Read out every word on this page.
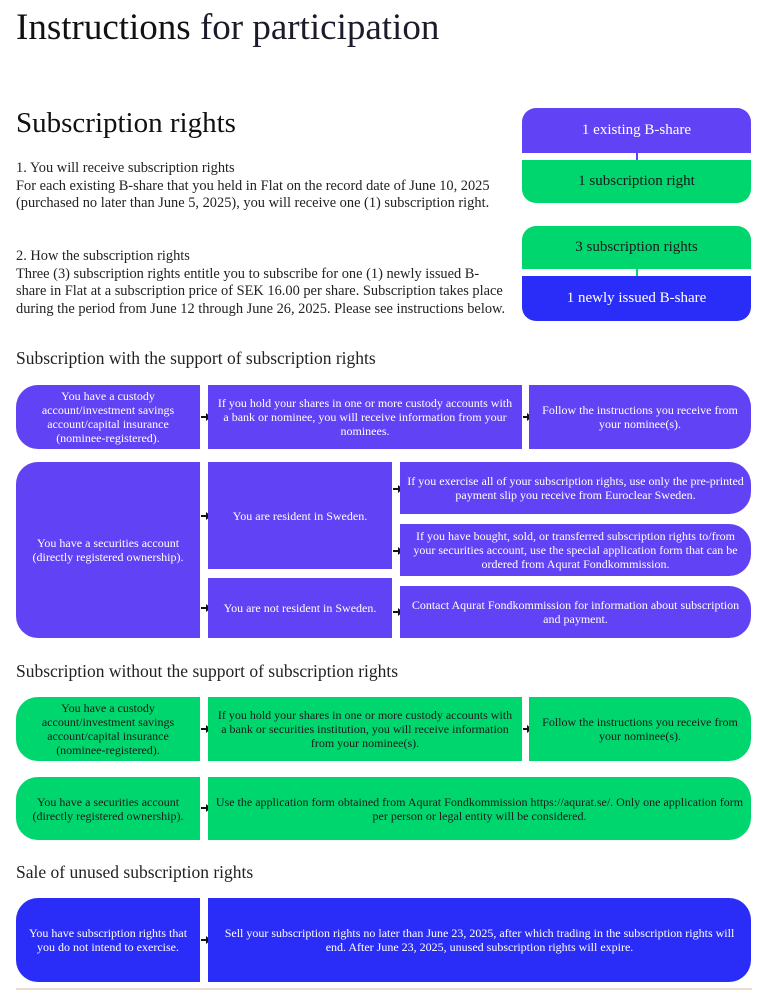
Instructions for participation
Subscription rights
1. You will receive subscription rights
For each existing B-share that you held in Flat on the record date of June 10, 2025 (purchased no later than June 5, 2025), you will receive one (1) subscription right.
2. How the subscription rights
Three (3) subscription rights entitle you to subscribe for one (1) newly issued B-share in Flat at a subscription price of SEK 16.00 per share. Subscription takes place during the period from June 12 through June 26, 2025. Please see instructions below.
1 existing B-share
1 subscription right
3 subscription rights
1 newly issued B-share
Subscription with the support of subscription rights
You have a custody account/investment savings account/capital insurance (nominee-registered).
If you hold your shares in one or more custody accounts with a bank or nominee, you will receive information from your nominees.
Follow the instructions you receive from your nominee(s).
You have a securities account (directly registered ownership).
You are resident in Sweden.
You are not resident in Sweden.
If you exercise all of your subscription rights, use only the pre-printed payment slip you receive from Euroclear Sweden.
If you have bought, sold, or transferred subscription rights to/from your securities account, use the special application form that can be ordered from Aqurat Fondkommission.
Contact Aqurat Fondkommission for information about subscription and payment.
Subscription without the support of subscription rights
You have a custody account/investment savings account/capital insurance (nominee-registered).
If you hold your shares in one or more custody accounts with a bank or securities institution, you will receive information from your nominee(s).
Follow the instructions you receive from your nominee(s).
You have a securities account (directly registered ownership).
Use the application form obtained from Aqurat Fondkommission https://aqurat.se/. Only one application form per person or legal entity will be considered.
Sale of unused subscription rights
You have subscription rights that you do not intend to exercise.
Sell your subscription rights no later than June 23, 2025, after which trading in the subscription rights will end. After June 23, 2025, unused subscription rights will expire.
